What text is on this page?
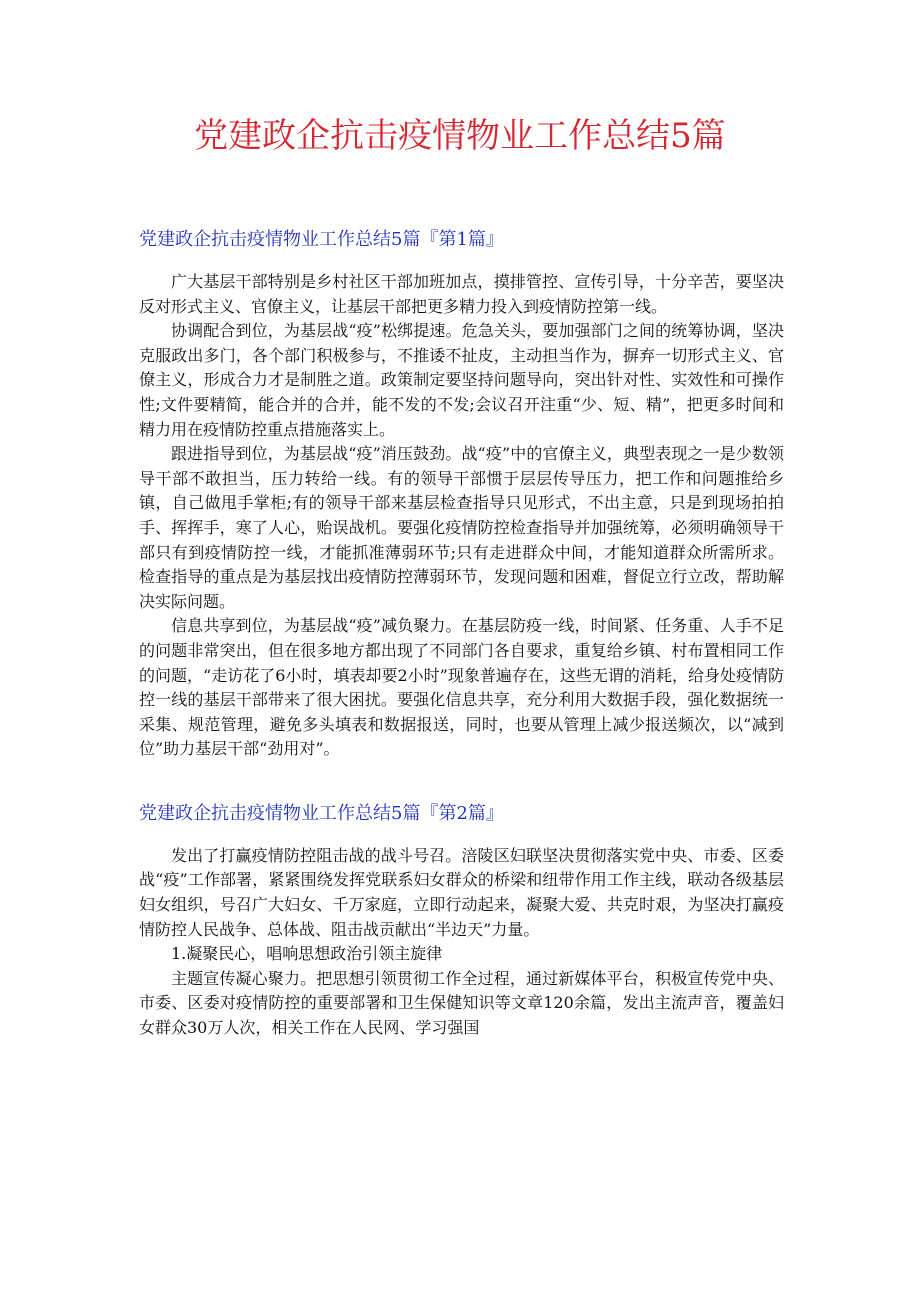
党建政企抗击疫情物业工作总结5篇
党建政企抗击疫情物业工作总结5篇『第1篇』

广大基层干部特别是乡村社区干部加班加点，摸排管控、宣传引导，十分辛苦，要坚决反对形式主义、官僚主义，让基层干部把更多精力投入到疫情防控第一线。

协调配合到位，为基层战“疫”松绑提速。危急关头，要加强部门之间的统筹协调，坚决克服政出多门，各个部门积极参与，不推诿不扯皮，主动担当作为，摒弃一切形式主义、官僚主义，形成合力才是制胜之道。政策制定要坚持问题导向，突出针对性、实效性和可操作性;文件要精简，能合并的合并，能不发的不发;会议召开注重“少、短、精”，把更多时间和精力用在疫情防控重点措施落实上。

跟进指导到位，为基层战“疫”消压鼓劲。战“疫”中的官僚主义，典型表现之一是少数领导干部不敢担当，压力转给一线。有的领导干部惯于层层传导压力，把工作和问题推给乡镇，自己做甩手掌柜;有的领导干部来基层检查指导只见形式，不出主意，只是到现场拍拍手、挥挥手，寒了人心，贻误战机。要强化疫情防控检查指导并加强统筹，必须明确领导干部只有到疫情防控一线，才能抓准薄弱环节;只有走进群众中间，才能知道群众所需所求。检查指导的重点是为基层找出疫情防控薄弱环节，发现问题和困难，督促立行立改，帮助解决实际问题。

信息共享到位，为基层战“疫”减负聚力。在基层防疫一线，时间紧、任务重、人手不足的问题非常突出，但在很多地方都出现了不同部门各自要求，重复给乡镇、村布置相同工作的问题，“走访花了6小时，填表却要2小时”现象普遍存在，这些无谓的消耗，给身处疫情防控一线的基层干部带来了很大困扰。要强化信息共享，充分利用大数据手段，强化数据统一采集、规范管理，避免多头填表和数据报送，同时，也要从管理上减少报送频次，以“减到位”助力基层干部“劲用对”。

党建政企抗击疫情物业工作总结5篇『第2篇』

发出了打赢疫情防控阻击战的战斗号召。涪陵区妇联坚决贯彻落实党中央、市委、区委战“疫”工作部署，紧紧围绕发挥党联系妇女群众的桥梁和纽带作用工作主线，联动各级基层妇女组织，号召广大妇女、千万家庭，立即行动起来，凝聚大爱、共克时艰，为坚决打赢疫情防控人民战争、总体战、阻击战贡献出“半边天”力量。

1.凝聚民心，唱响思想政治引领主旋律

主题宣传凝心聚力。把思想引领贯彻工作全过程，通过新媒体平台，积极宣传党中央、市委、区委对疫情防控的重要部署和卫生保健知识等文章120余篇，发出主流声音，覆盖妇女群众30万人次，相关工作在人民网、学习强国
